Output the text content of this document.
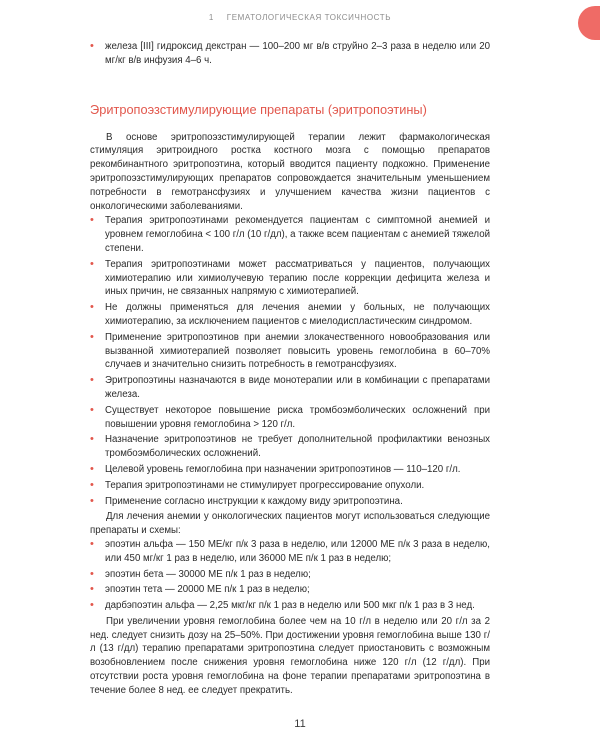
1 ГЕМАТОЛОГИЧЕСКАЯ ТОКСИЧНОСТЬ
• железа [III] гидроксид декстран — 100–200 мг в/в струйно 2–3 раза в неделю или 20 мг/кг в/в инфузия 4–6 ч.
Эритропоэзстимулирующие препараты (эритропоэтины)

В основе эритропоэзстимулирующей терапии лежит фармакологическая стимуляция эритроидного ростка костного мозга с помощью препаратов рекомбинантного эритропоэтина, который вводится пациенту подкожно. Применение эритропоэзстимулирующих препаратов сопровождается значительным уменьшением потребности в гемотрансфузиях и улучшением качества жизни пациентов с онкологическими заболеваниями.

• Терапия эритропоэтинами рекомендуется пациентам с симптомной анемией и уровнем гемоглобина < 100 г/л (10 г/дл), а также всем пациентам с анемией тяжелой степени.
• Терапия эритропоэтинами может рассматриваться у пациентов, получающих химиотерапию или химиолучевую терапию после коррекции дефицита железа и иных причин, не связанных напрямую с химиотерапией.
• Не должны применяться для лечения анемии у больных, не получающих химиотерапию, за исключением пациентов с миелодиспластическим синдромом.
• Применение эритропоэтинов при анемии злокачественного новообразования или вызванной химиотерапией позволяет повысить уровень гемоглобина в 60–70% случаев и значительно снизить потребность в гемотрансфузиях.
• Эритропоэтины назначаются в виде монотерапии или в комбинации с препаратами железа.
• Существует некоторое повышение риска тромбоэмболических осложнений при повышении уровня гемоглобина > 120 г/л.
• Назначение эритропоэтинов не требует дополнительной профилактики венозных тромбоэмболических осложнений.
• Целевой уровень гемоглобина при назначении эритропоэтинов — 110–120 г/л.
• Терапия эритропоэтинами не стимулирует прогрессирование опухоли.
• Применение согласно инструкции к каждому виду эритропоэтина.

Для лечения анемии у онкологических пациентов могут использоваться следующие препараты и схемы:

• эпоэтин альфа — 150 МЕ/кг п/к 3 раза в неделю, или 12000 МЕ п/к 3 раза в неделю, или 450 мг/кг 1 раз в неделю, или 36000 МЕ п/к 1 раз в неделю;
• эпоэтин бета — 30000 МЕ п/к 1 раз в неделю;
• эпоэтин тета — 20000 МЕ п/к 1 раз в неделю;
• дарбэпоэтин альфа — 2,25 мкг/кг п/к 1 раз в неделю или 500 мкг п/к 1 раз в 3 нед.

При увеличении уровня гемоглобина более чем на 10 г/л в неделю или 20 г/л за 2 нед. следует снизить дозу на 25–50%. При достижении уровня гемоглобина выше 130 г/л (13 г/дл) терапию препаратами эритропоэтина следует приостановить с возможным возобновлением после снижения уровня гемоглобина ниже 120 г/л (12 г/дл). При отсутствии роста уровня гемоглобина на фоне терапии препаратами эритропоэтина в течение более 8 нед. ее следует прекратить.

11
